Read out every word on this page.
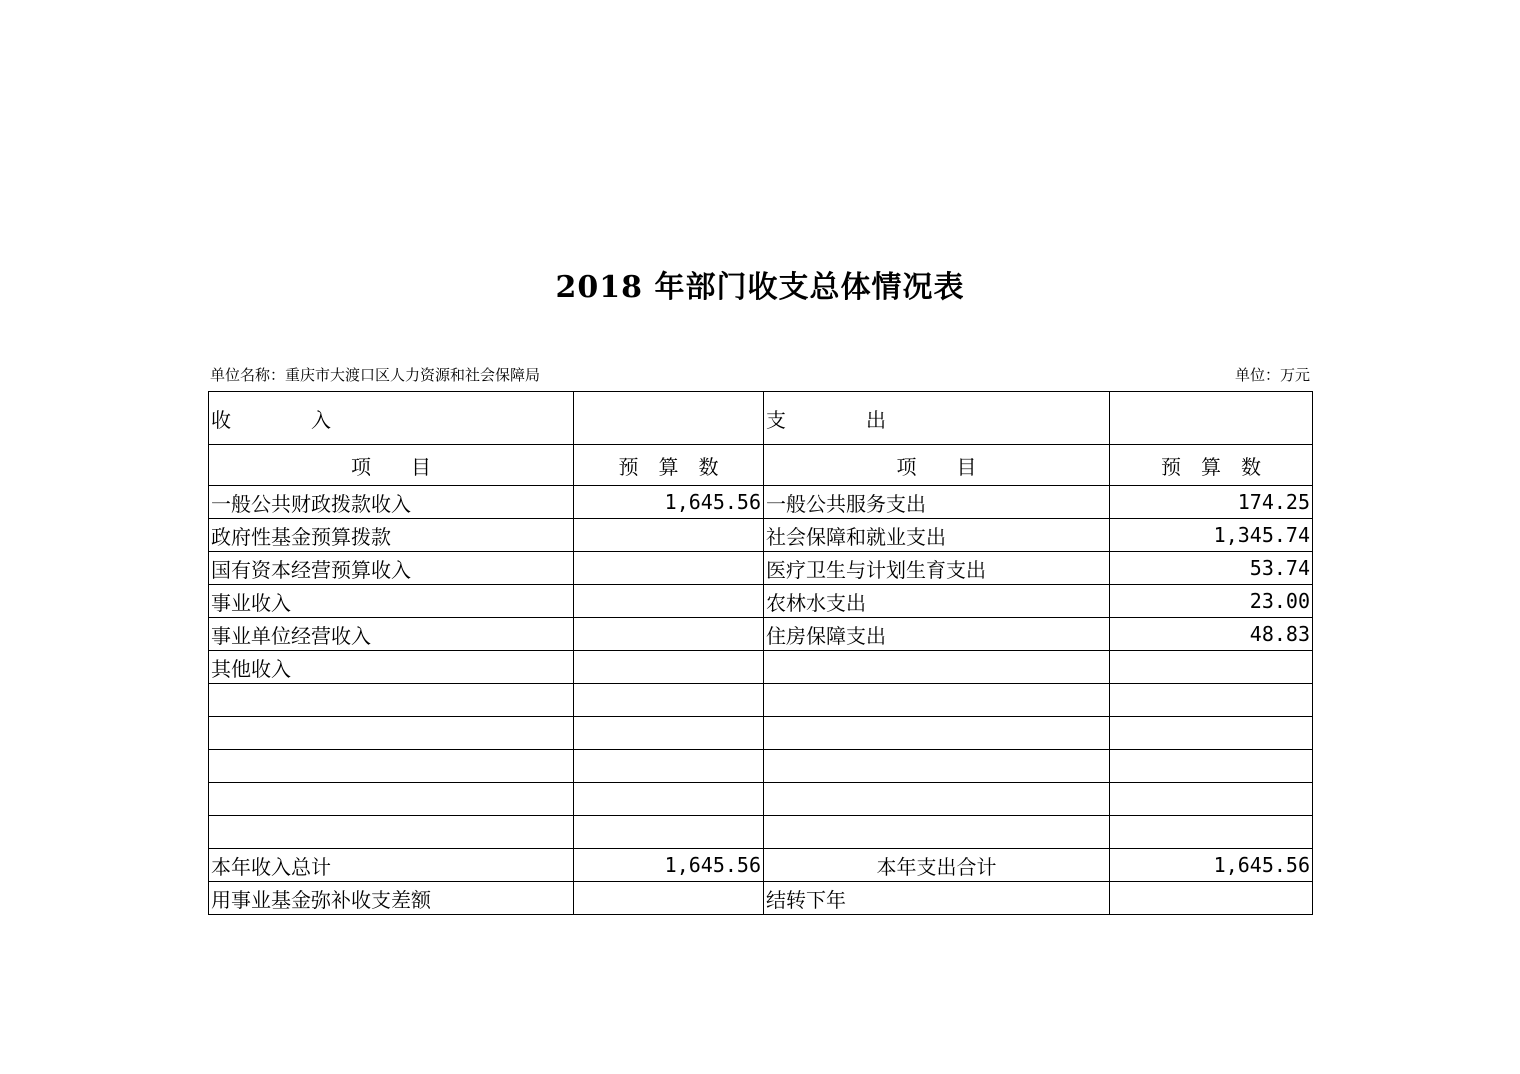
2018 年部门收支总体情况表
单位名称：重庆市大渡口区人力资源和社会保障局	单位：万元
收　　　　入		支　　　　出	
项　　目	预　算　数	项　　目	预　算　数
一般公共财政拨款收入	1,645.56	一般公共服务支出	174.25
政府性基金预算拨款		社会保障和就业支出	1,345.74
国有资本经营预算收入		医疗卫生与计划生育支出	53.74
事业收入		农林水支出	23.00
事业单位经营收入		住房保障支出	48.83
其他收入			

本年收入总计	1,645.56	本年支出合计	1,645.56
用事业基金弥补收支差额		结转下年	
